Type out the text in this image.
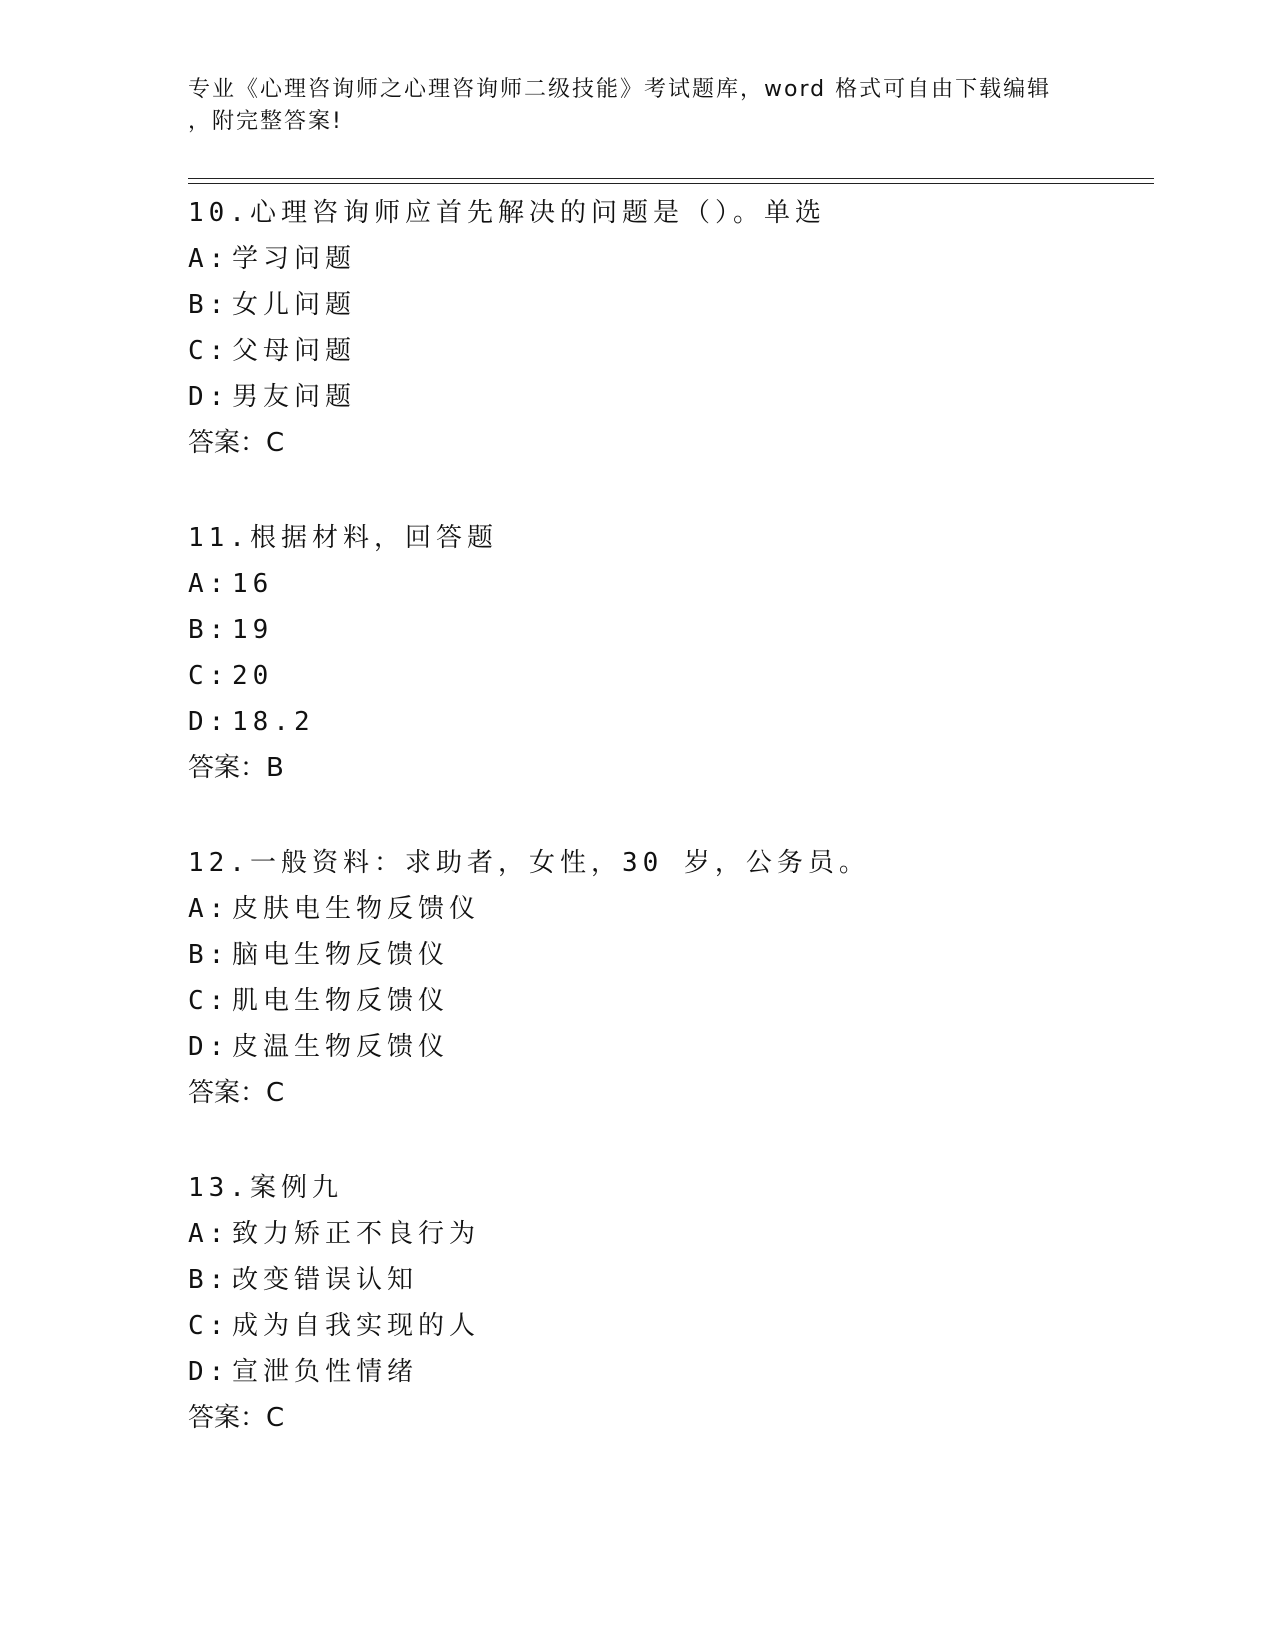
专业《心理咨询师之心理咨询师二级技能》考试题库，word 格式可自由下载编辑
，附完整答案!
10.心理咨询师应首先解决的问题是（）。单选
A: 学习问题
B: 女儿问题
C: 父母问题
D: 男友问题
答案：C
11.根据材料，回答题
A: 16
B: 19
C: 20
D: 18.2
答案：B
12.一般资料：求助者，女性，30 岁，公务员。
A: 皮肤电生物反馈仪
B: 脑电生物反馈仪
C: 肌电生物反馈仪
D: 皮温生物反馈仪
答案：C
13.案例九
A: 致力矫正不良行为
B: 改变错误认知
C: 成为自我实现的人
D: 宣泄负性情绪
答案：C
